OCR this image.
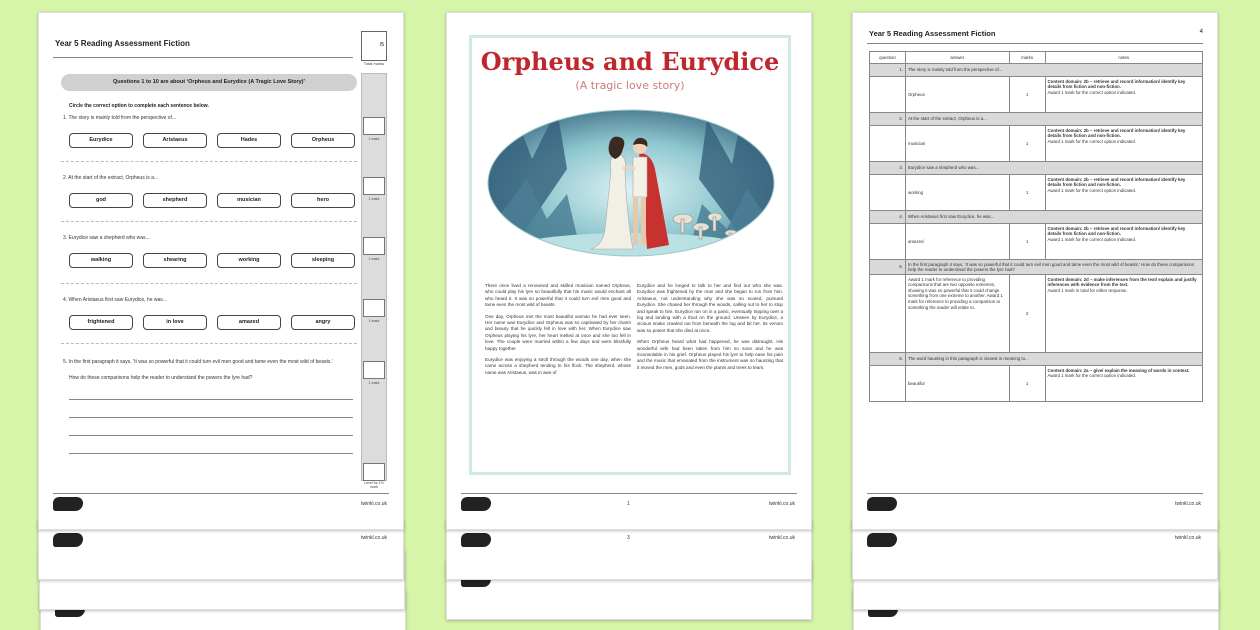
twinkl.co.uk
Year 5 Reading Assessment Fiction	/5
Total marks
Questions 1 to 10 are about ‘Orpheus and Eurydice (A Tragic Love Story)’
Circle the correct option to complete each sentence below.
1. The story is mainly told from the perspective of...
Eurydice	Aristaeus	Hades	Orpheus	1 mark
2. At the start of the extract, Orpheus is a...
god	shepherd	musician	hero	1 mark
3. Eurydice saw a shepherd who was...
walking	shearing	working	sleeping	1 mark
4. When Aristaeus first saw Eurydice, he was...
frightened	in love	amazed	angry	1 mark
5. In the first paragraph it says, ‘It was so powerful that it could turn evil men good and tame even the most wild of beasts.’
How do these comparisons help the reader to understand the powers the lyre had?
1 mark
Level for 1% mark
twinkl.co.uk
3	twinkl.co.uk
Orpheus and Eurydice
(A tragic love story)

There once lived a renowned and skilled musician named Orpheus, who could play his lyre so beautifully that his music would enchant all who heard it. It was so powerful that it could turn evil men good and tame even the most wild of beasts.

One day, Orpheus met the most beautiful woman he had ever seen. Her name was Eurydice and Orpheus was so captivated by her charm and beauty that he quickly fell in love with her. When Eurydice saw Orpheus playing his lyre, her heart melted at once and she too fell in love. The couple were married within a few days and were blissfully happy together.

Eurydice was enjoying a stroll through the woods one day, when she came across a shepherd tending to his flock. The shepherd, whose name was Aristaeus, was in awe of

Eurydice and he longed to talk to her and find out who she was. Eurydice was frightened by the man and she began to run from him. Aristaeus, not understanding why she was so scared, pursued Eurydice. She chased her through the woods, calling out to her to stop and speak to him. Eurydice ran on in a panic, eventually tripping over a log and landing with a thud on the ground. Unseen by Eurydice, a vicious snake crawled out from beneath the log and bit her. Its venom was so potent that she died at once.

When Orpheus heard what had happened, he was distraught. His wonderful wife had been taken from him so soon and he was inconsolable in his grief. Orpheus played his lyre to help ease his pain and the music that emanated from the instrument was so haunting that it moved the men, gods and even the plants and trees to tears.

1	twinkl.co.uk
twinkl.co.uk
Year 5 Reading Assessment Fiction	4
question	answer	marks	notes
1.	The story is mainly told from the perspective of...		
	Orpheus	1	Content domain: 2b – retrieve and record information/ identify key details from fiction and non-fiction.
Award 1 mark for the correct option indicated.

2.	At the start of the extract, Orpheus is a...		
	musician	1	Content domain: 2b – retrieve and record information/ identify key details from fiction and non-fiction.
Award 1 mark for the correct option indicated.

3.	Eurydice saw a shepherd who was...		
	working	1	Content domain: 2b – retrieve and record information/ identify key details from fiction and non-fiction.
Award 1 mark for the correct option indicated.

4.	When Aristaeus first saw Eurydice, he was...		
	amazed	1	Content domain: 2b – retrieve and record information/ identify key details from fiction and non-fiction.
Award 1 mark for the correct option indicated.

5.	In the first paragraph it says, ‘It was so powerful that it could turn evil men good and tame even the most wild of beasts.’ How do these comparisons help the reader to understand the powers the lyre had?		
	Award 1 mark for reference to providing comparisons that are two opposite extremes, showing it was so powerful that it could change something from one extreme to another. Award 1 mark for reference to providing a comparison to something the reader will relate to.	2	Content domain: 2d – make inferences from the text/ explain and justify inferences with evidence from the text.
Award 1 mark in total for either response.

6.	The word haunting in this paragraph is closest in meaning to...		
	beautiful	1	Content domain: 2a – give/ explain the meaning of words in context.
Award 1 mark for the correct option indicated.
twinkl.co.uk
